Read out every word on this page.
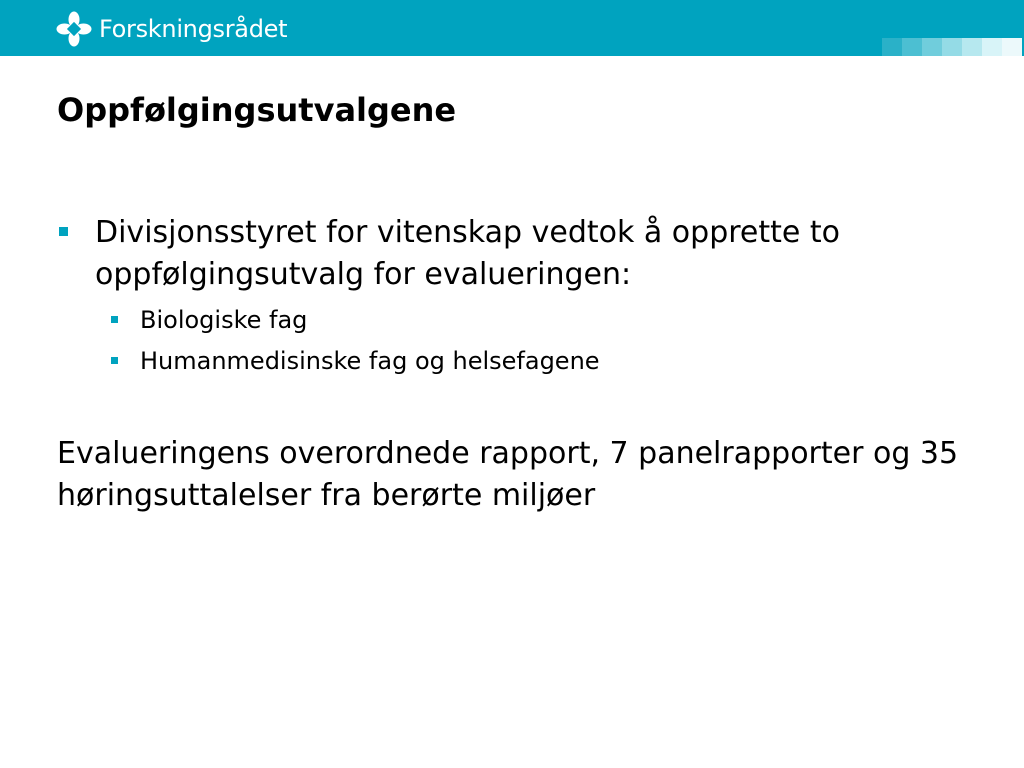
Forskningsrådet
Oppfølgingsutvalgene
Divisjonsstyret for vitenskap vedtok å opprette to oppfølgingsutvalg for evalueringen:
Biologiske fag
Humanmedisinske fag og helsefagene
Evalueringens overordnede rapport, 7 panelrapporter og 35 høringsuttalelser fra berørte miljøer
